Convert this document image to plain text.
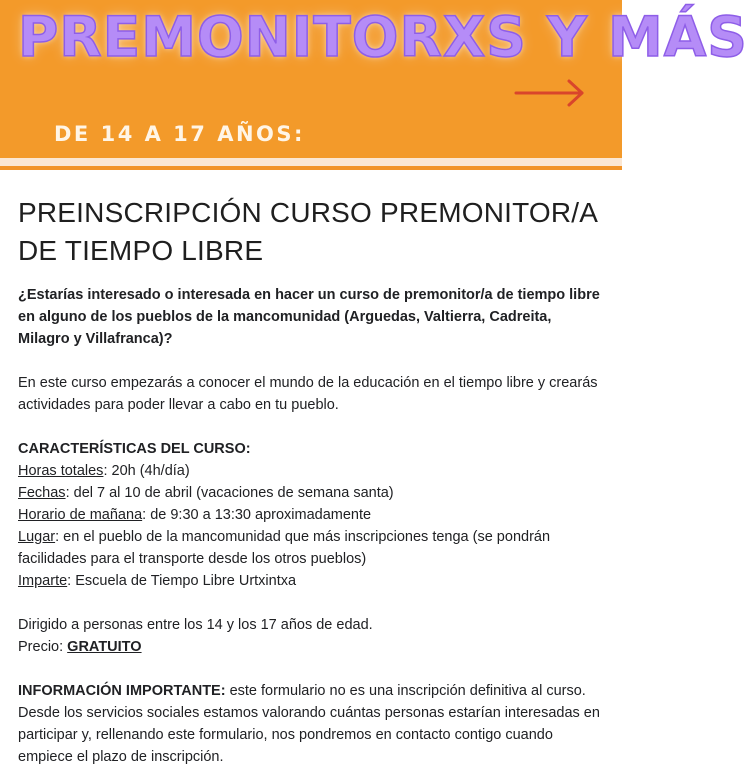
PREMONITORXS Y MÁS
DE 14 A 17 AÑOS:
PREINSCRIPCIÓN CURSO PREMONITOR/A DE TIEMPO LIBRE

¿Estarías interesado o interesada en hacer un curso de premonitor/a de tiempo libre en alguno de los pueblos de la mancomunidad (Arguedas, Valtierra, Cadreita, Milagro y Villafranca)?

En este curso empezarás a conocer el mundo de la educación en el tiempo libre y crearás actividades para poder llevar a cabo en tu pueblo.

CARACTERÍSTICAS DEL CURSO:

Horas totales: 20h (4h/día)

Fechas: del 7 al 10 de abril (vacaciones de semana santa)

Horario de mañana: de 9:30 a 13:30 aproximadamente

Lugar: en el pueblo de la mancomunidad que más inscripciones tenga (se pondrán facilidades para el transporte desde los otros pueblos)

Imparte: Escuela de Tiempo Libre Urtxintxa

Dirigido a personas entre los 14 y los 17 años de edad.

Precio: GRATUITO

INFORMACIÓN IMPORTANTE: este formulario no es una inscripción definitiva al curso. Desde los servicios sociales estamos valorando cuántas personas estarían interesadas en participar y, rellenando este formulario, nos pondremos en contacto contigo cuando empiece el plazo de inscripción.
